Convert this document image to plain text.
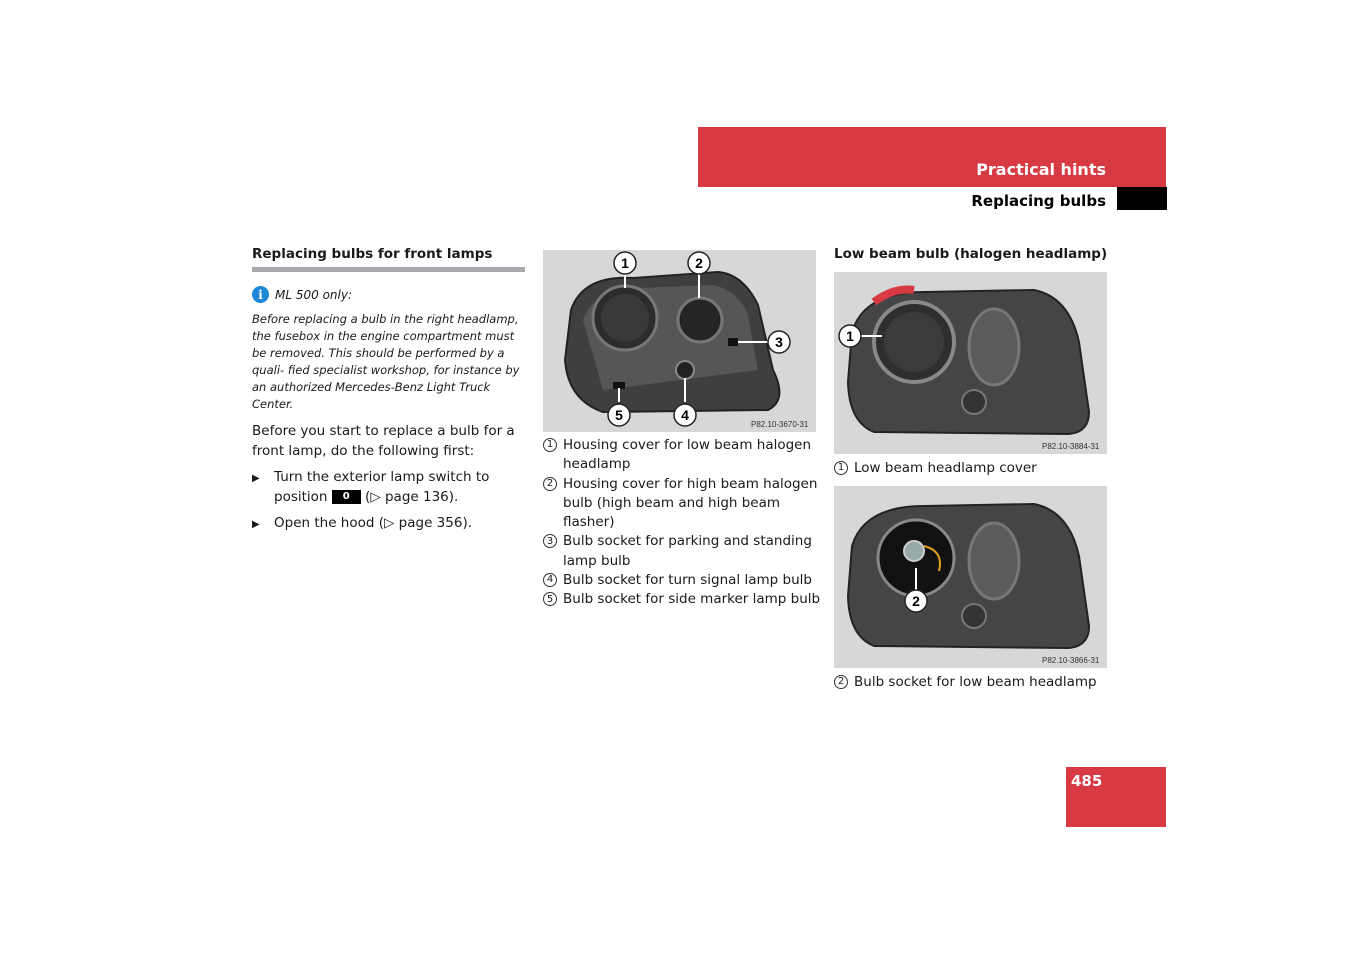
Practical hints
Replacing bulbs
Replacing bulbs for front lamps
i	ML 500 only:
Before replacing a bulb in the right headlamp, the fusebox in the engine compartment must be removed. This should be performed by a quali- fied specialist workshop, for instance by an authorized Mercedes-Benz Light Truck Center.
Before you start to replace a bulb for a front lamp, do the following first:
▶	Turn the exterior lamp switch to position 0 (▷ page 136).
▶	Open the hood (▷ page 356).
1	2
3
4
5
P82.10-3670-31
1 Housing cover for low beam halogen headlamp
2 Housing cover for high beam halogen bulb (high beam and high beam flasher)
3 Bulb socket for parking and standing lamp bulb
4 Bulb socket for turn signal lamp bulb
5 Bulb socket for side marker lamp bulb
Low beam bulb (halogen headlamp)
1
P82.10-3884-31
1 Low beam headlamp cover
2
P82.10-3866-31
2 Bulb socket for low beam headlamp
485
